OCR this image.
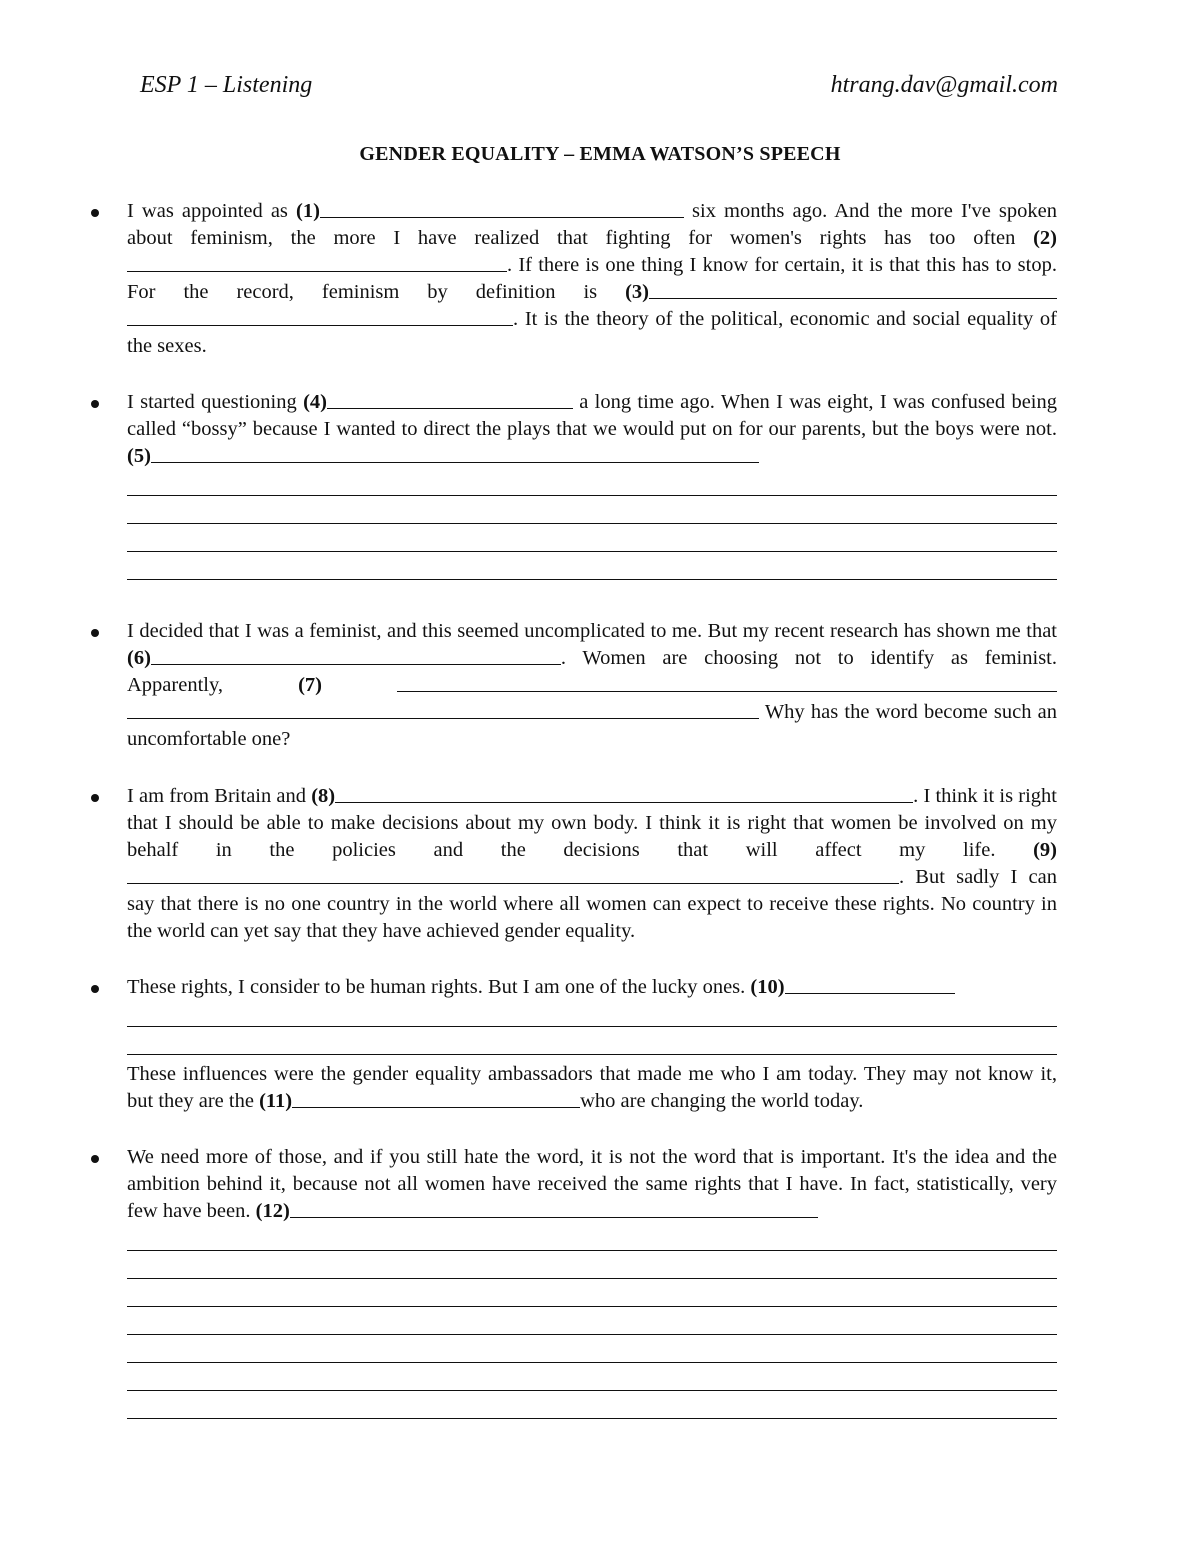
ESP 1 – Listening	htrang.dav@gmail.com
GENDER EQUALITY – EMMA WATSON’S SPEECH
I was appointed as (1)	six months ago. And the more I've spoken about feminism, the more I have realized that fighting for women's rights has too often (2). If there is one thing I know for certain, it is that this has to stop. For the record, feminism by definition is (3) . It is the theory of the political, economic and social equality of the sexes.
I started questioning (4)	a long time ago. When I was eight, I was confused being called “bossy” because I wanted to direct the plays that we would put on for our parents, but the boys were not. (5)
I decided that I was a feminist, and this seemed uncomplicated to me. But my recent research has shown me that (6)	. Women are choosing not to identify as feminist. Apparently, (7)   Why has the word become such an uncomfortable one?
I am from Britain and (8)	. I think it is right that I should be able to make decisions about my own body. I think it is right that women be involved on my behalf in the policies and the decisions that will affect my life. (9). But sadly I can say that there is no one country in the world where all women can expect to receive these rights. No country in the world can yet say that they have achieved gender equality.
These rights, I consider to be human rights. But I am one of the lucky ones. (10)
These influences were the gender equality ambassadors that made me who I am today. They may not know it, but they are the (11)	who are changing the world today.
We need more of those, and if you still hate the word, it is not the word that is important. It's the idea and the ambition behind it, because not all women have received the same rights that I have. In fact, statistically, very few have been. (12)
